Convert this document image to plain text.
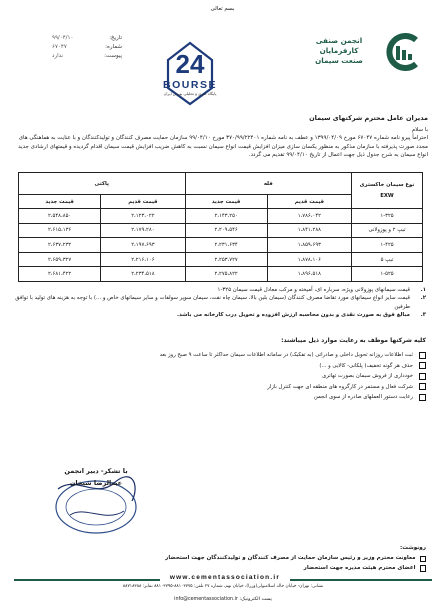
بسم تعالی
تاریخ:
۹۹/۰۴/۱۰
شماره:
۶۷۰۴۷
پیوست:
ندارد	24
BOURSE
پایگاه خبری و تحلیلی بورس ایران
انجمن صنفی
کارفرمایان
صنعت سیمان
مدیران عامل محترم شرکتهای سیمان
با سلام
احتراماً پیرو نامه شماره ۶۷۰۴۷ مورخ ۱۳۹۹/۰۴/۰۹ و عطف به نامه شماره ۳۷۰/۹۹/۲۲۴۰۱ مورخ ۹۹/۰۴/۱۰ سازمان حمایت مصرف کنندگان و تولیدکنندگان و با عنایت به هماهنگی های مجدد صورت پذیرفته با سازمان مذکور به منظور یکسان سازی میزان افزایش قیمت انواع سیمان نسبت به کاهش ضریب افزایش قیمت سیمان اقدام گردیده و قیمتهای ارشادی جدید انواع سیمان به شرح جدول ذیل جهت اعمال از تاریخ ۹۹/۰۴/۱۰ تقدیم می گردد.
نوع سیمان خاکستری
EXW	فله		پاکتی	
	قیمت قدیم	قیمت جدید	قیمت قدیم	قیمت جدید
۱-۳۲۵	۱،۷۸۶،۰۴۲	۲،۱۴۳،۲۵۰	۲،۱۲۳،۰۲۲	۲،۵۴۸،۸۵۰
تیپ ۲ و پوزولانی	۱،۸۴۱،۲۸۸	۲،۲۰۹،۵۴۶	۲،۱۷۹،۲۸۰	۲،۶۱۵،۱۳۶
۱-۴۲۵	۱،۸۵۹،۶۹۳	۲،۲۳۱،۶۳۴	۲،۱۹۷،۶۹۳	۲،۶۳۷،۲۳۲
تیپ ۵	۱،۸۷۸،۱۰۶	۲،۲۵۳،۷۲۷	۲،۲۱۶،۱۰۶	۲،۶۵۹،۳۲۷
۱-۵۲۵	۱،۸۹۶،۵۱۸	۲،۲۷۵،۸۲۲	۲،۲۳۴،۵۱۸	۲،۶۸۱،۴۲۲
۱.
قیمت سیمانهای پوزولانی ویژه، سرباره ای، آمیخته و مرکب معادل قیمت سیمان ۳۲۵-۱
۲.
قیمت سایر انواع سیمانهای مورد تقاضا مصرف کنندگان (سیمان بلین بالا، سیمان چاه نفت، سیمان سوپر سولفات و سایر سیمانهای خاص و ...) با توجه به هزینه های تولید با توافق طرفین
۳.
مبالغ فوق به صورت نقدی و بدون محاسبه ارزش افزوده و تحویل درب کارخانه می باشد.
کلیه شرکتها موظف به رعایت موارد ذیل میباشند:
ثبت اطلاعات روزانه تحویل داخلی و صادراتی (به تفکیک) در سامانه اطلاعات سیمان حداکثر تا ساعت ۹ صبح روز بعد
حذف هر گونه تخفیف( پلکانی- کالایی و ...)
خودداری از فروش سیمان بصورت تهاتری
شرکت فعال و مستمر در کارگروه های منطقه ای جهت کنترل بازار
رعایت دستور العملهای صادره از سوی انجمن
با تشکر- دبیر انجمن
عبدالرضا شیخان
رونوشت:
معاونت محترم وزیر و رئیس سازمان حمایت از مصرف کنندگان و تولیدکنندگان جهت استحضار
اعضای محترم هیئت مدیره جهت استحضار
www.cementassociation.ir
نشانی: تهران- خیابان خالد اسلامبولی(وزرا)، خیابان نهم، شماره ۲۷ تلفن: ۸۸۱۰۳۷۷۵-۸۸۱۰۳۷۹۵ نمابر: ۸۸۷۱۸۳۸۸
info@cementassociation.ir :پست الکترونیک
